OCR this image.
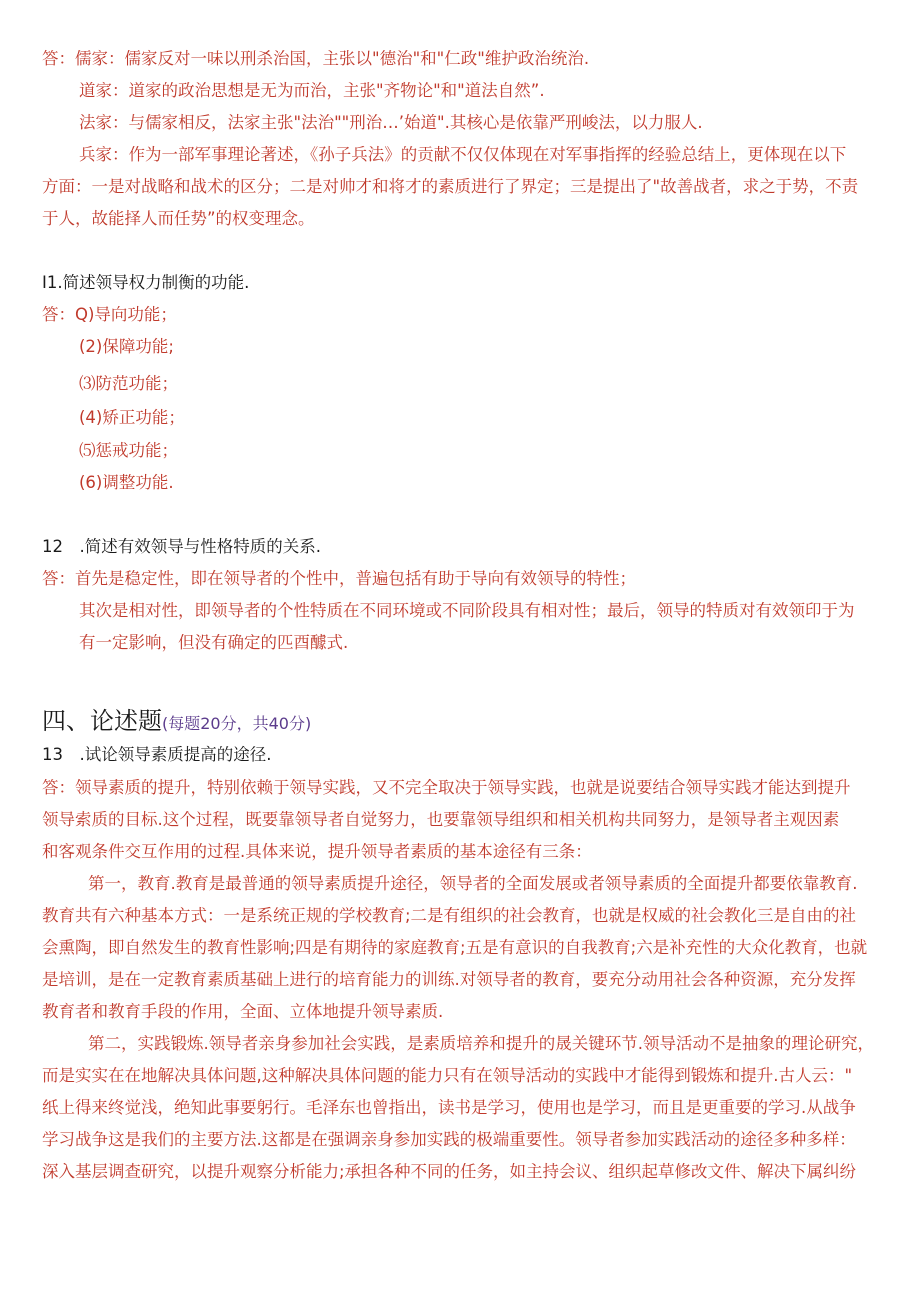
答：儒家：儒家反对一味以刑杀治国，主张以"德治"和"仁政"维护政治统治.
道家：道家的政治思想是无为而治，主张"齐物论"和"道法自然”.
法家：与儒家相反，法家主张"法治""刑治…’始道".其核心是依靠严刑峻法，以力服人.
兵家：作为一部军事理论著述，《孙子兵法》的贡献不仅仅体现在对军事指挥的经验总结上，更体现在以下
方面：一是对战略和战术的区分；二是对帅才和将才的素质进行了界定；三是提出了"故善战者，求之于势，不责
于人，故能择人而任势”的权变理念。
I1.简述领导权力制衡的功能.
答：Q)导向功能；
(2)保障功能;
⑶防范功能；
(4)矫正功能；
⑸惩戒功能；
(6)调整功能.
12　.简述有效领导与性格特质的关系.
答：首先是稳定性，即在领导者的个性中，普遍包括有助于导向有效领导的特性；
其次是相对性，即领导者的个性特质在不同环境或不同阶段具有相对性；最后，领导的特质对有效领印于为
有一定影响，但没有确定的匹酉醵式.
四、论述题(每题20分，共40分)
13　.试论领导素质提高的途径.
答：领导素质的提升，特别依赖于领导实践，又不完全取决于领导实践，也就是说要结合领导实践才能达到提升
领导索质的目标.这个过程，既要靠领导者自觉努力，也要靠领导组织和相关机构共同努力，是领导者主观因素
和客观条件交互作用的过程.具体来说，提升领导者素质的基本途径有三条：
第一，教育.教育是最普通的领导素质提升途径，领导者的全面发展或者领导素质的全面提升都要依靠教育.
教育共有六种基本方式：一是系统正规的学校教育;二是有组织的社会教育，也就是权威的社会教化三是自由的社
会熏陶，即自然发生的教育性影响;四是有期待的家庭教育;五是有意识的自我教育;六是补充性的大众化教育，也就
是培训，是在一定教育素质基础上进行的培育能力的训练.对领导者的教育，要充分动用社会各种资源，充分发挥
教育者和教育手段的作用，全面、立体地提升领导素质.
第二，实践锻炼.领导者亲身参加社会实践，是素质培养和提升的晟关键环节.领导活动不是抽象的理论研究，
而是实实在在地解决具体问题,这种解决具体问题的能力只有在领导活动的实践中才能得到锻炼和提升.古人云："
纸上得来终觉浅，绝知此事要躬行。毛泽东也曾指出，读书是学习，使用也是学习，而且是更重要的学习.从战争
学习战争这是我们的主要方法.这都是在强调亲身参加实践的极端重要性。领导者参加实践活动的途径多种多样：
深入基层调查研究，以提升观察分析能力;承担各种不同的任务，如主持会议、组织起草修改文件、解决下属纠纷
